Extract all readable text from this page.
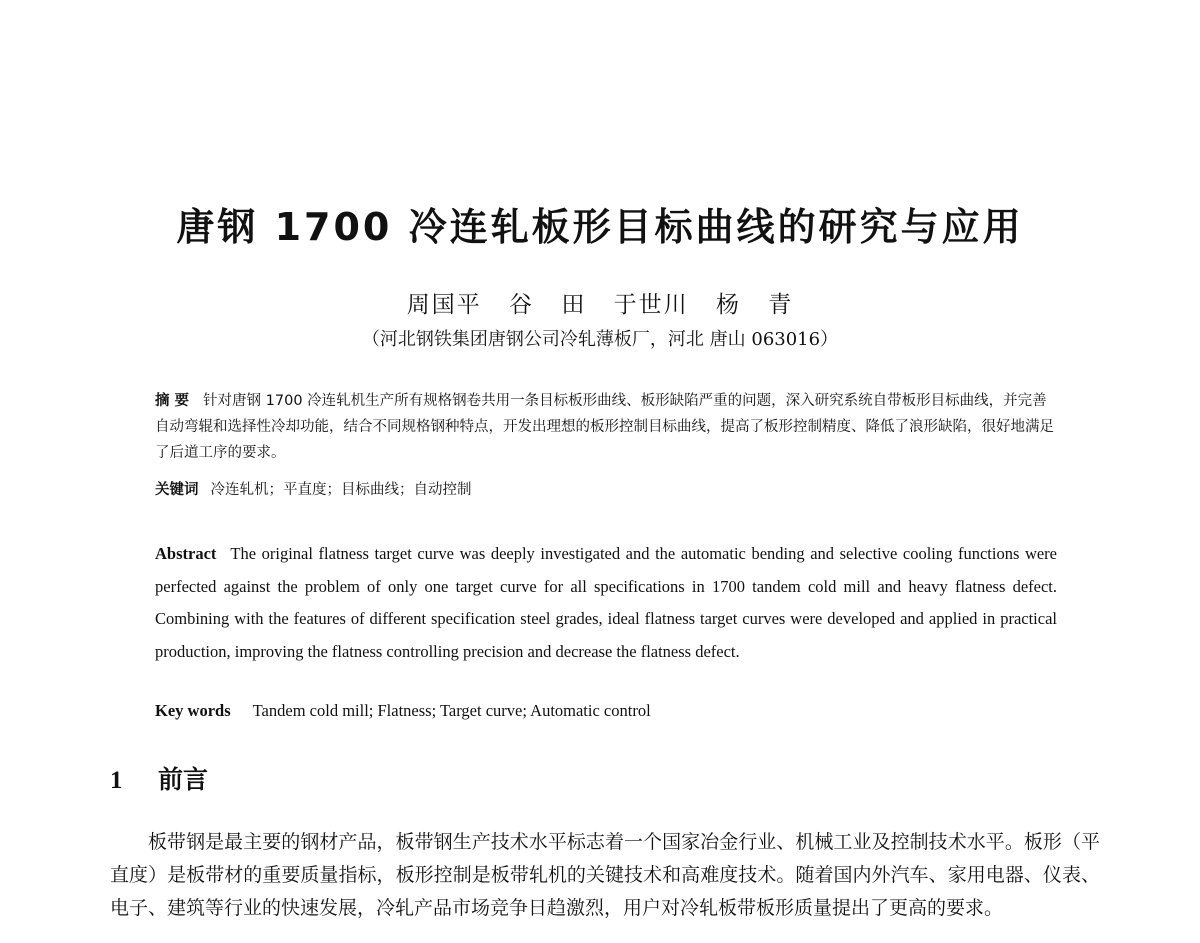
唐钢 1700 冷连轧板形目标曲线的研究与应用
周国平 谷 田 于世川 杨 青
（河北钢铁集团唐钢公司冷轧薄板厂，河北 唐山 063016）
摘 要 针对唐钢 1700 冷连轧机生产所有规格钢卷共用一条目标板形曲线、板形缺陷严重的问题，深入研究系统自带板形目标曲线，并完善自动弯辊和选择性冷却功能，结合不同规格钢种特点，开发出理想的板形控制目标曲线，提高了板形控制精度、降低了浪形缺陷，很好地满足了后道工序的要求。
关键词 冷连轧机；平直度；目标曲线；自动控制
Abstract The original flatness target curve was deeply investigated and the automatic bending and selective cooling functions were perfected against the problem of only one target curve for all specifications in 1700 tandem cold mill and heavy flatness defect. Combining with the features of different specification steel grades, ideal flatness target curves were developed and applied in practical production, improving the flatness controlling precision and decrease the flatness defect.
Key words Tandem cold mill; Flatness; Target curve; Automatic control
1 前言
板带钢是最主要的钢材产品，板带钢生产技术水平标志着一个国家冶金行业、机械工业及控制技术水平。板形（平直度）是板带材的重要质量指标，板形控制是板带轧机的关键技术和高难度技术。随着国内外汽车、家用电器、仪表、电子、建筑等行业的快速发展，冷轧产品市场竞争日趋激烈，用户对冷轧板带板形质量提出了更高的要求。
